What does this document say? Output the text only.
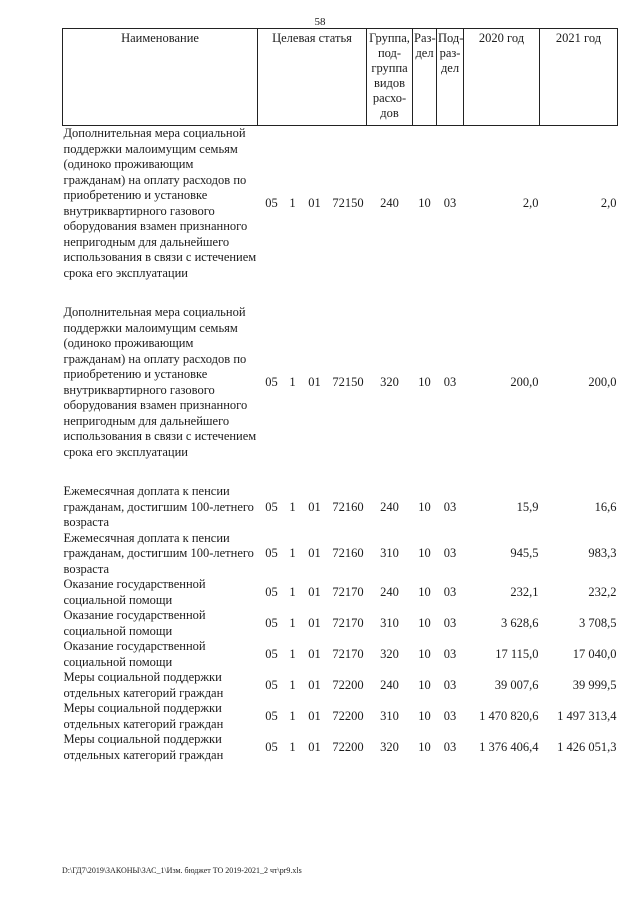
58
Наименование	Целевая статья				Группа, под-группа видов расхо-дов	Раз-дел	Под-раз-дел	2020 год	2021 год
Дополнительная мера социальной поддержки малоимущим семьям (одиноко проживающим гражданам) на оплату расходов по приобретению и установке внутриквартирного газового оборудования взамен признанного непригодным для дальнейшего использования в связи с истечением срока его эксплуатации	05	1	01	72150	240	10	03	2,0	2,0

Дополнительная мера социальной поддержки малоимущим семьям (одиноко проживающим гражданам) на оплату расходов по приобретению и установке внутриквартирного газового оборудования взамен признанного непригодным для дальнейшего использования в связи с истечением срока его эксплуатации	05	1	01	72150	320	10	03	200,0	200,0

Ежемесячная доплата к пенсии гражданам, достигшим 100-летнего возраста	05	1	01	72160	240	10	03	15,9	16,6
Ежемесячная доплата к пенсии гражданам, достигшим 100-летнего возраста	05	1	01	72160	310	10	03	945,5	983,3
Оказание государственной социальной помощи	05	1	01	72170	240	10	03	232,1	232,2
Оказание государственной социальной помощи	05	1	01	72170	310	10	03	3 628,6	3 708,5
Оказание государственной социальной помощи	05	1	01	72170	320	10	03	17 115,0	17 040,0
Меры социальной поддержки отдельных категорий граждан	05	1	01	72200	240	10	03	39 007,6	39 999,5
Меры социальной поддержки отдельных категорий граждан	05	1	01	72200	310	10	03	1 470 820,6	1 497 313,4
Меры социальной поддержки отдельных категорий граждан	05	1	01	72200	320	10	03	1 376 406,4	1 426 051,3
D:\ГД7\2019\ЗАКОНЫ\ЗАС_1\Изм. бюджет ТО 2019-2021_2 чт\pr9.xls
